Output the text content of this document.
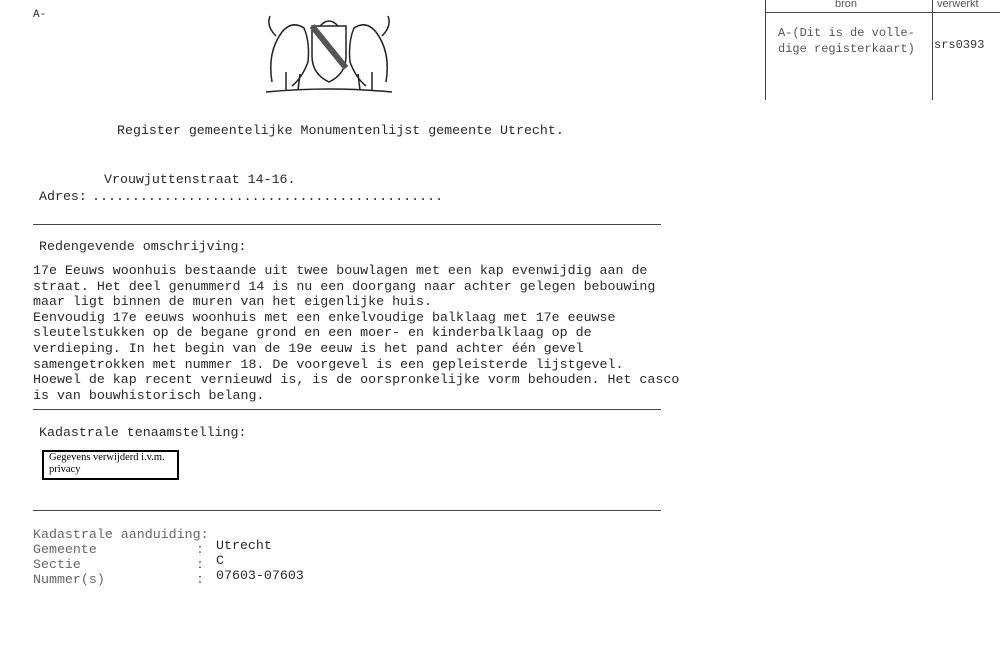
A-
bron	verwerkt
A-(Dit is de volle-
dige registerkaart) srs0393
Register gemeentelijke Monumentenlijst gemeente Utrecht.
Adres:
Vrouwjuttenstraat 14-16.
............................................
Redengevende omschrijving:
17e Eeuws woonhuis bestaande uit twee bouwlagen met een kap evenwijdig aan de
straat. Het deel genummerd 14 is nu een doorgang naar achter gelegen bebouwing
maar ligt binnen de muren van het eigenlijke huis.
Eenvoudig 17e eeuws woonhuis met een enkelvoudige balklaag met 17e eeuwse
sleutelstukken op de begane grond en een moer- en kinderbalklaag op de
verdieping. In het begin van de 19e eeuw is het pand achter één gevel
samengetrokken met nummer 18. De voorgevel is een gepleisterde lijstgevel.
Hoewel de kap recent vernieuwd is, is de oorspronkelijke vorm behouden. Het casco
is van bouwhistorisch belang.
Kadastrale tenaamstelling:
Gegevens verwijderd i.v.m.
privacy
Kadastrale aanduiding:
Gemeente
Sectie
Nummer(s)
:
:
:
Utrecht
C
07603-07603
